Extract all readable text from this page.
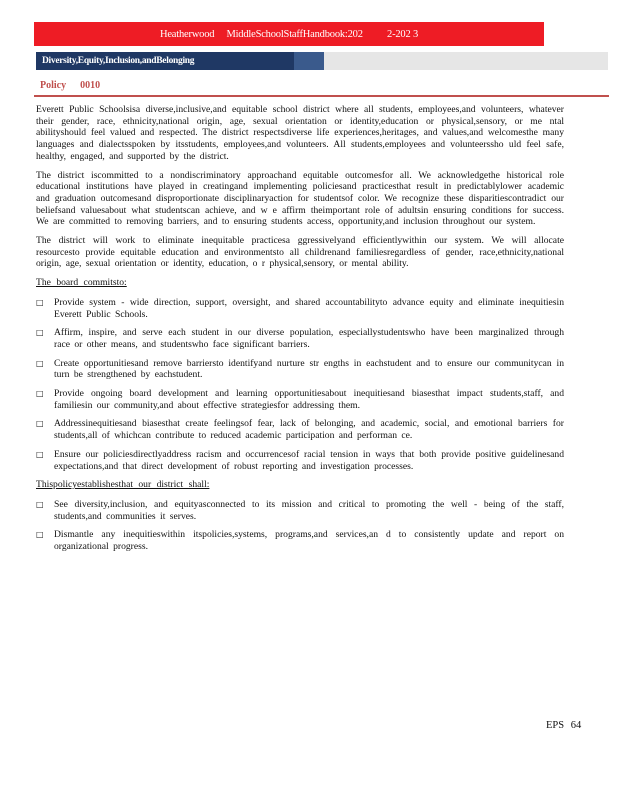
Heatherwood     MiddleSchoolStaffHandbook:202          2-202 3
Diversity,Equity,Inclusion,andBelonging
Policy 0010

Everett Public Schoolsisa diverse,inclusive,and equitable school district where all students, employees,and volunteers, whatever their gender, race, ethnicity,national origin, age, sexual orientation or identity,education or physical,sensory, or me ntal abilityshould feel valued and respected. The district respectsdiverse life experiences,heritages, and values,and welcomesthe many languages and dialectsspoken by itsstudents, employees,and volunteers. All students,employees and volunteerssho uld feel safe, healthy, engaged, and supported by the district.

The district iscommitted to a nondiscriminatory approachand equitable outcomesfor all. We acknowledgethe historical role educational institutions have played in creatingand implementing policiesand practicesthat result in predictablylower academic and graduation outcomesand disproportionate disciplinaryaction for studentsof color. We recognize these disparitiescontradict our beliefsand valuesabout what studentscan achieve, and w e affirm theimportant role of adultsin ensuring conditions for success. We are committed to removing barriers, and to ensuring students access, opportunity,and inclusion throughout our system.

The district will work to eliminate inequitable practicesa ggressivelyand efficientlywithin our system. We will allocate resourcesto provide equitable education and environmentsto all childrenand familiesregardless of gender, race,ethnicity,national origin, age, sexual orientation or identity, education, o r physical,sensory, or mental ability.

The board commitsto:
□	Provide system - wide direction, support, oversight, and shared accountabilityto advance equity and eliminate inequitiesin Everett Public Schools.
□	Affirm, inspire, and serve each student in our diverse population, especiallystudentswho have been marginalized through race or other means, and studentswho face significant barriers.
□	Create opportunitiesand remove barriersto identifyand nurture str engths in eachstudent and to ensure our communitycan in turn be strengthened by eachstudent.
□	Provide ongoing board development and learning opportunitiesabout inequitiesand biasesthat impact students,staff, and familiesin our community,and about effective strategiesfor addressing them.
□	Addressinequitiesand biasesthat create feelingsof fear, lack of belonging, and academic, social, and emotional barriers for students,all of whichcan contribute to reduced academic participation and performan ce.
□	Ensure our policiesdirectlyaddress racism and occurrencesof racial tension in ways that both provide positive guidelinesand expectations,and that direct development of robust reporting and investigation processes.
Thispolicyestablishesthat our district shall:
□	See diversity,inclusion, and equityasconnected to its mission and critical to promoting the well - being of the staff, students,and communities it serves.
□	Dismantle any inequitieswithin itspolicies,systems, programs,and services,an d to consistently update and report on organizational progress.
EPS 64
